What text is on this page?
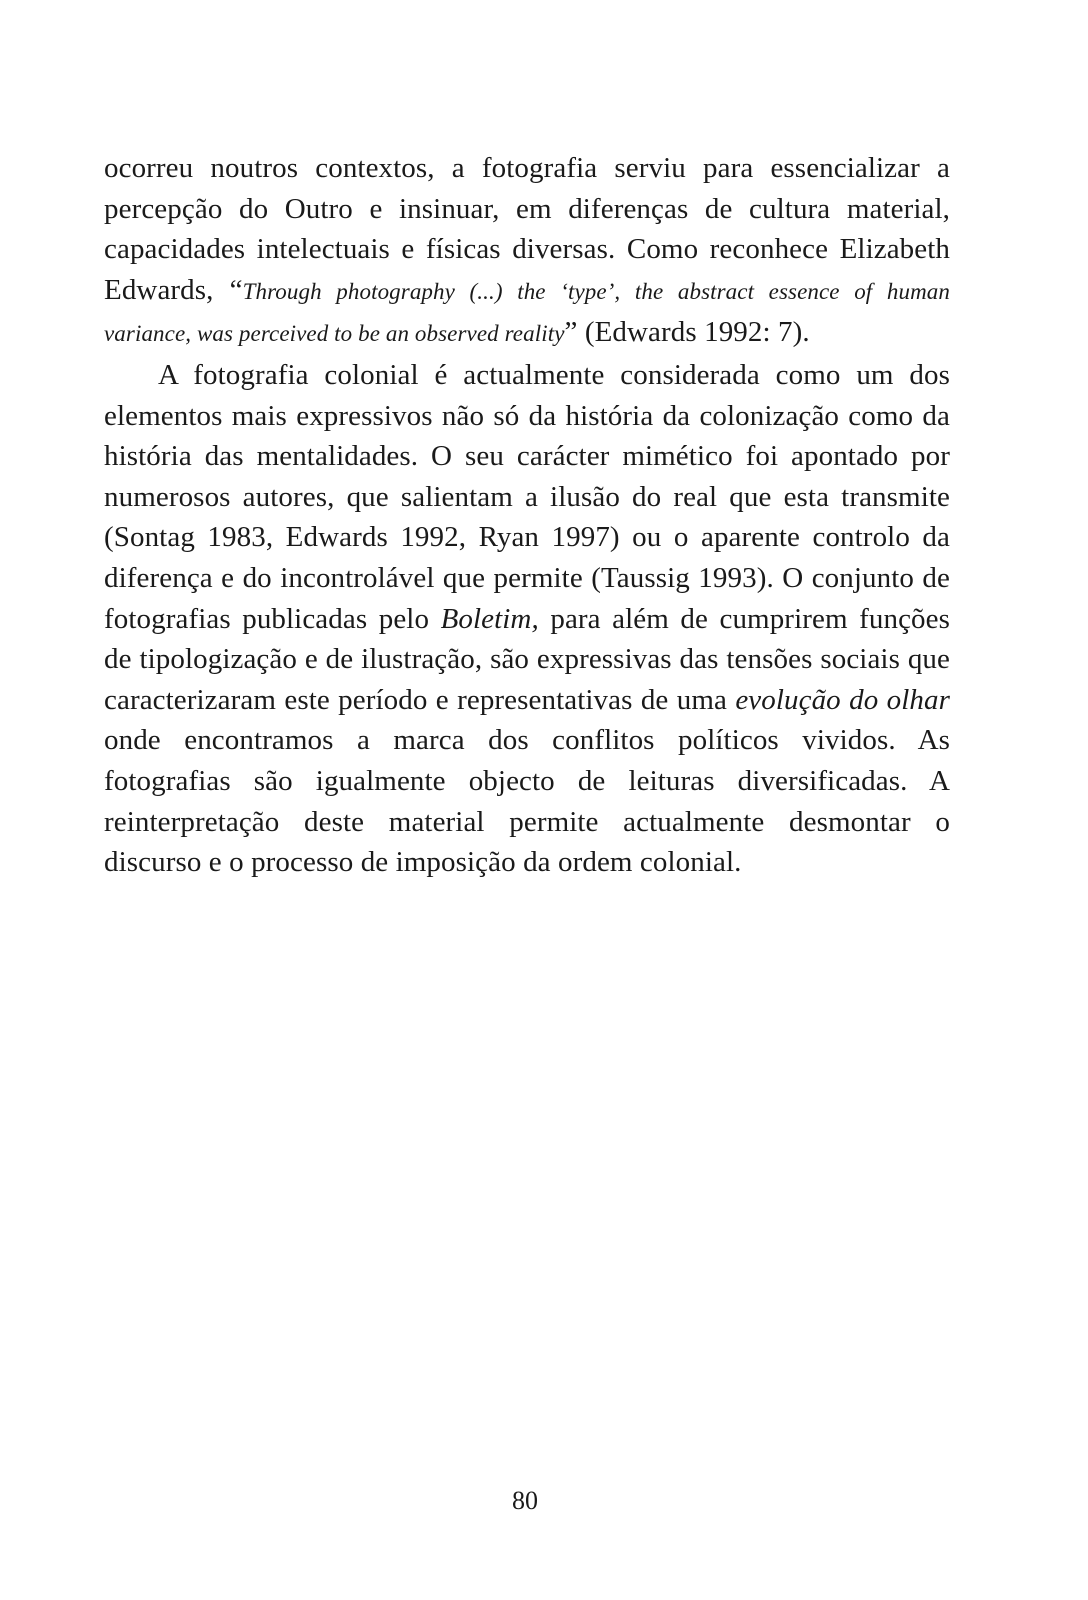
ocorreu noutros contextos, a fotografia serviu para essencializar a percepção do Outro e insinuar, em diferenças de cultura material, capacidades intelectuais e físicas diversas. Como reconhece Elizabeth Edwards, “Through photography (...) the ‘type’, the abstract essence of human variance, was perceived to be an observed reality” (Edwards 1992: 7).

A fotografia colonial é actualmente considerada como um dos elementos mais expressivos não só da história da colonização como da história das mentalidades. O seu carácter mimético foi apontado por numerosos autores, que salientam a ilusão do real que esta transmite (Sontag 1983, Edwards 1992, Ryan 1997) ou o aparente controlo da diferença e do incontrolável que permite (Taussig 1993). O conjunto de fotografias publicadas pelo Boletim, para além de cumprirem funções de tipologização e de ilustração, são expressivas das tensões sociais que caracterizaram este período e representativas de uma evolução do olhar onde encontramos a marca dos conflitos políticos vividos. As fotografias são igualmente objecto de leituras diversificadas. A reinterpretação deste material permite actualmente desmontar o discurso e o processo de imposição da ordem colonial.

80
